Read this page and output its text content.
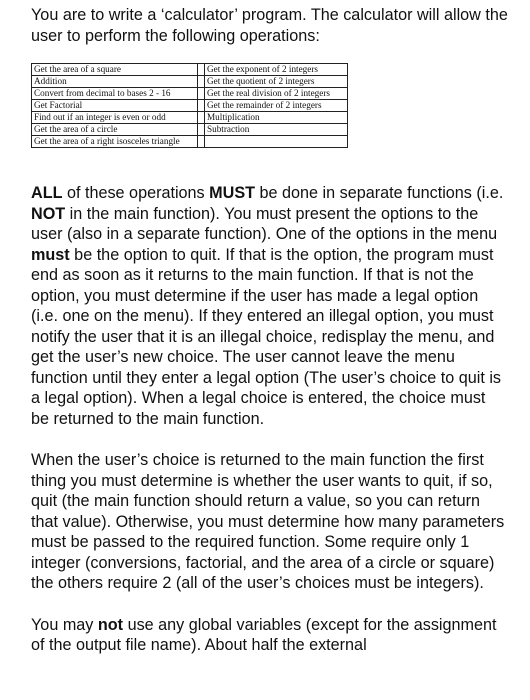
You are to write a ‘calculator’ program. The calculator will allow the user to perform the following operations:
Get the area of a square		Get the exponent of 2 integers
Addition		Get the quotient of 2 integers
Convert from decimal to bases 2 - 16		Get the real division of 2 integers
Get Factorial		Get the remainder of 2 integers
Find out if an integer is even or odd		Multiplication
Get the area of a circle		Subtraction
Get the area of a right isosceles triangle		

ALL of these operations MUST be done in separate functions (i.e. NOT in the main function). You must present the options to the user (also in a separate function). One of the options in the menu must be the option to quit. If that is the option, the program must end as soon as it returns to the main function. If that is not the option, you must determine if the user has made a legal option (i.e. one on the menu). If they entered an illegal option, you must notify the user that it is an illegal choice, redisplay the menu, and get the user’s new choice. The user cannot leave the menu function until they enter a legal option (The user’s choice to quit is a legal option). When a legal choice is entered, the choice must be returned to the main function.

When the user’s choice is returned to the main function the first thing you must determine is whether the user wants to quit, if so, quit (the main function should return a value, so you can return that value). Otherwise, you must determine how many parameters must be passed to the required function. Some require only 1 integer (conversions, factorial, and the area of a circle or square) the others require 2 (all of the user’s choices must be integers).

You may not use any global variables (except for the assignment of the output file name). About half the external
